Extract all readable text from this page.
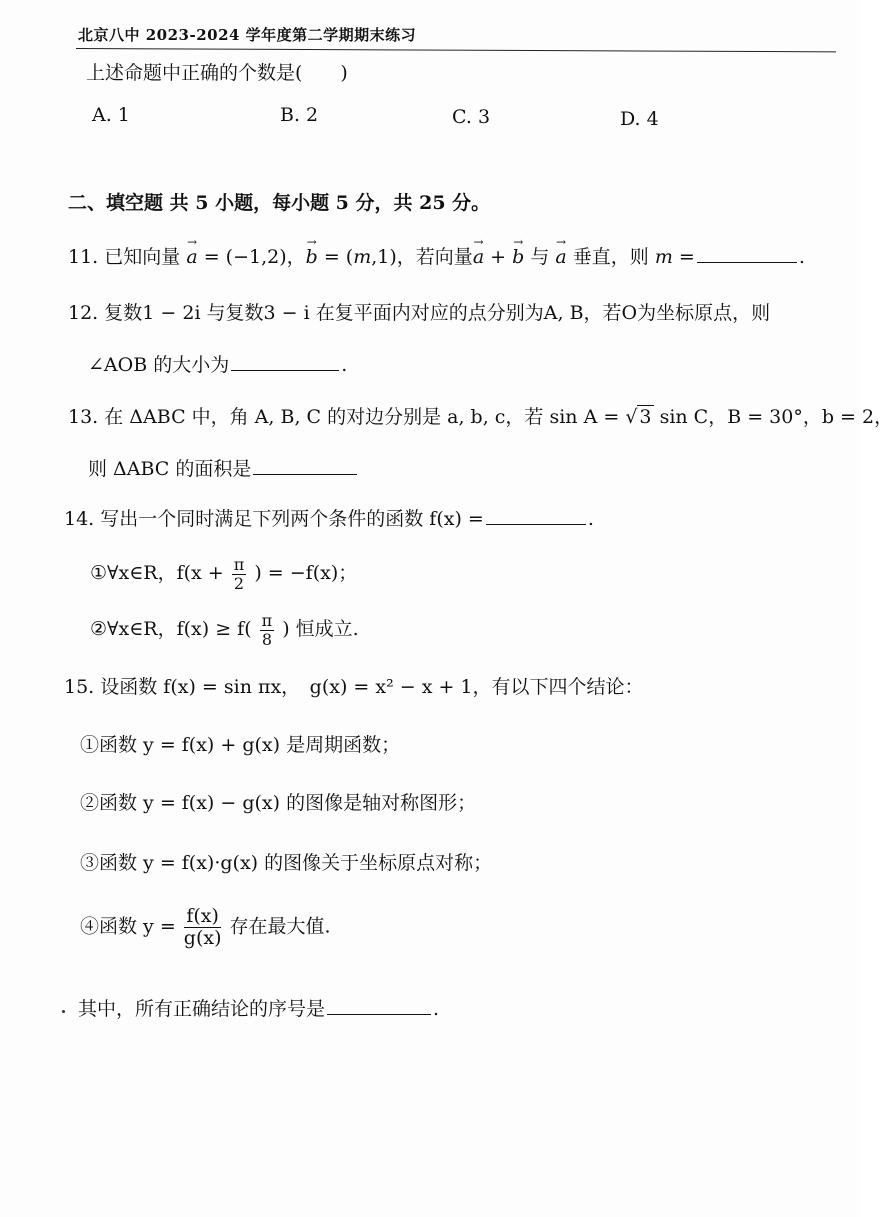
北京八中 2023-2024 学年度第二学期期末练习
上述命题中正确的个数是(　　)
A. 1	B. 2	C. 3	D. 4
二、填空题 共 5 小题，每小题 5 分，共 25 分。
11. 已知向量 → a = (−1,2)，→ b = (m,1)，若向量→ a + → b 与 → a 垂直，则 m =	.
12. 复数1 − 2i 与复数3 − i 在复平面内对应的点分别为A, B，若O为坐标原点，则
∠AOB 的大小为	.
13. 在 ΔABC 中，角 A, B, C 的对边分别是 a, b, c，若 sin A = √ 3 sin C，B = 30°，b = 2，
则 ΔABC 的面积是
14. 写出一个同时满足下列两个条件的函数 f(x) =	.
①∀x∈R，$f(x + \frac{\pi}{2}$ ) = −f(x)；
②∀x∈R，$f(x) \ge f( \frac{\pi}{8}$ ) 恒成立.
15. 设函数 f(x) = sin πx，　g(x) = x² − x + 1，有以下四个结论：
①函数 y = f(x) + g(x) 是周期函数；
②函数 y = f(x) − g(x) 的图像是轴对称图形；
③函数 y = f(x)·g(x) 的图像关于坐标原点对称；
④函数 $y = \frac{f(x)}{g(x)}$ 存在最大值.
其中，所有正确结论的序号是	.
